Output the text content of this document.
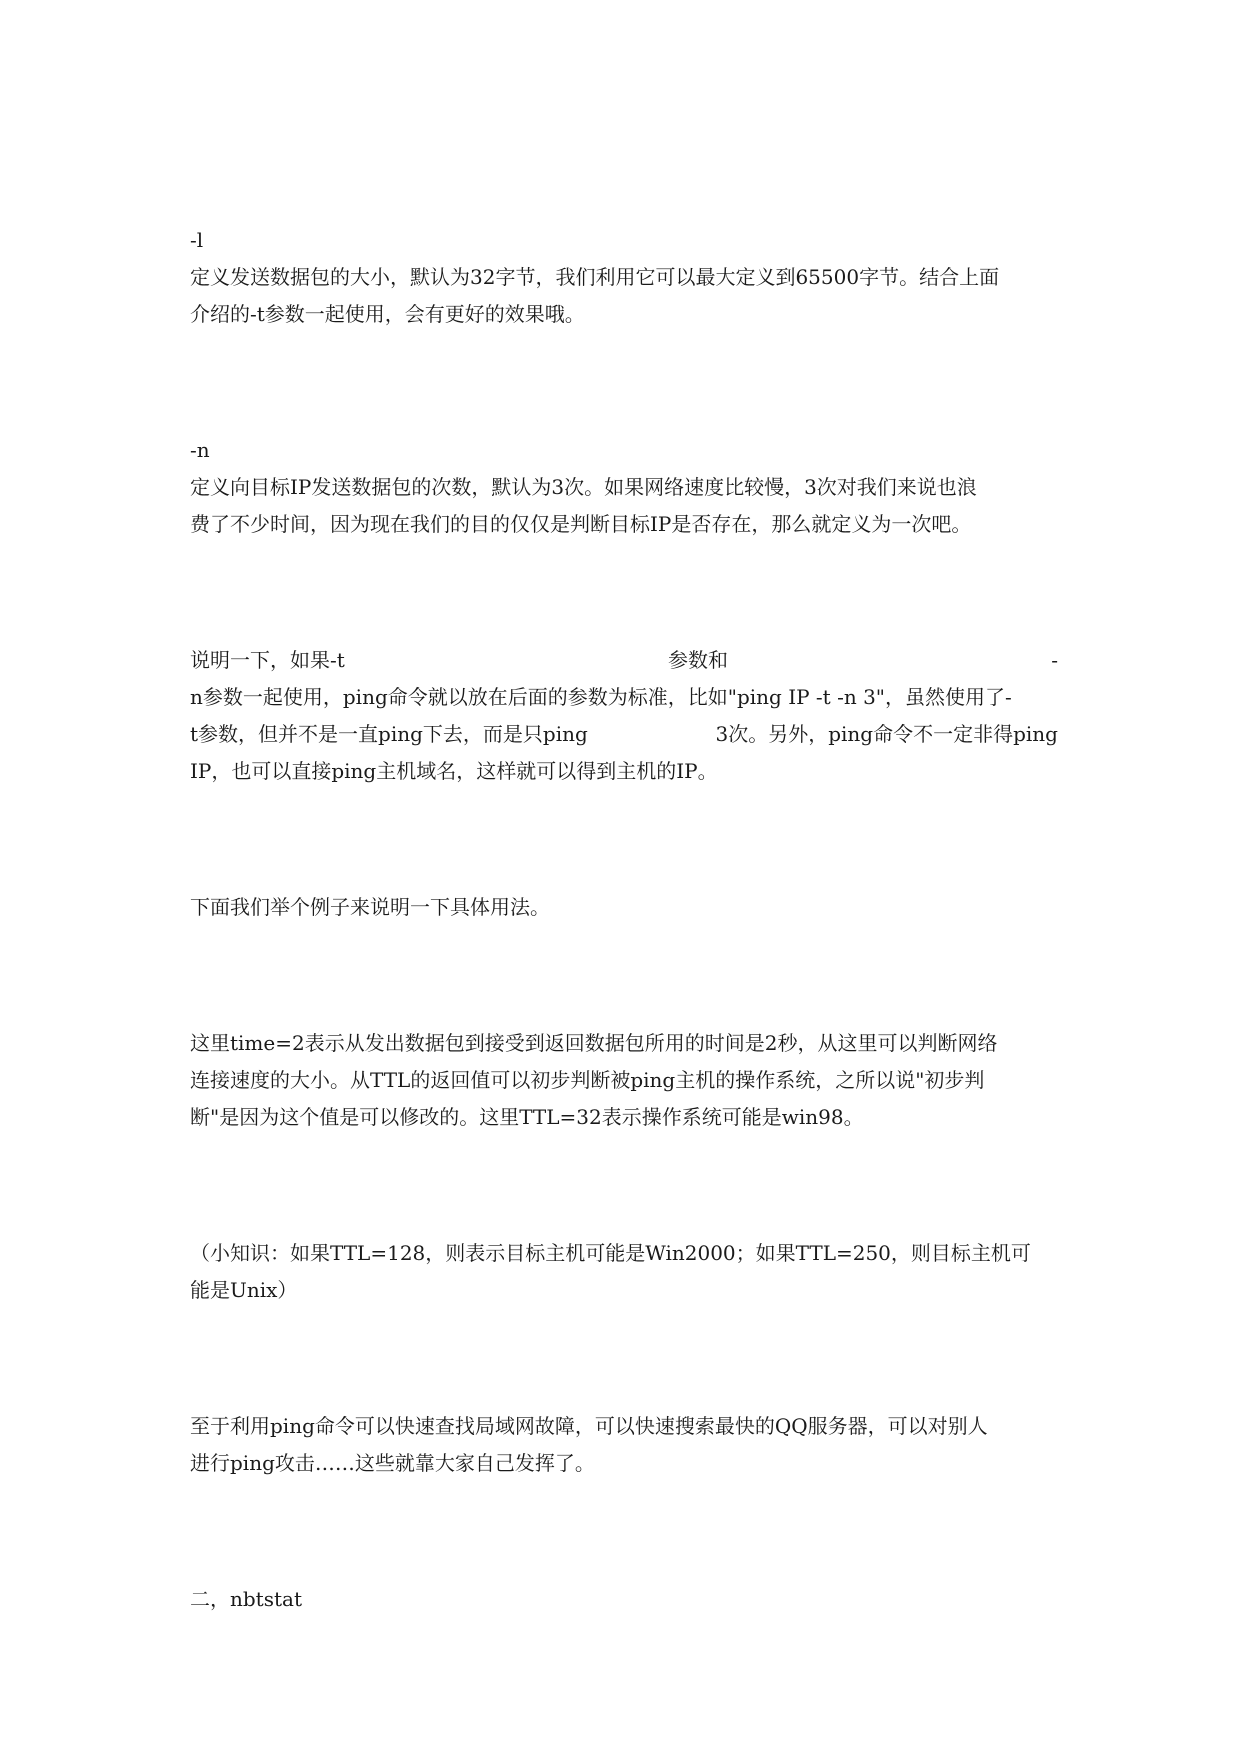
-l
定义发送数据包的大小，默认为32字节，我们利用它可以最大定义到65500字节。结合上面
介绍的-t参数一起使用，会有更好的效果哦。
-n
定义向目标IP发送数据包的次数，默认为3次。如果网络速度比较慢，3次对我们来说也浪
费了不少时间，因为现在我们的目的仅仅是判断目标IP是否存在，那么就定义为一次吧。
说明一下，如果-t	参数和	-
n参数一起使用，ping命令就以放在后面的参数为标准，比如"ping IP -t -n 3"，虽然使用了-
t参数，但并不是一直ping下去，而是只ping	3次。另外，ping命令不一定非得ping
IP，也可以直接ping主机域名，这样就可以得到主机的IP。
下面我们举个例子来说明一下具体用法。
这里time=2表示从发出数据包到接受到返回数据包所用的时间是2秒，从这里可以判断网络
连接速度的大小。从TTL的返回值可以初步判断被ping主机的操作系统，之所以说"初步判
断"是因为这个值是可以修改的。这里TTL=32表示操作系统可能是win98。
（小知识：如果TTL=128，则表示目标主机可能是Win2000；如果TTL=250，则目标主机可
能是Unix）
至于利用ping命令可以快速查找局域网故障，可以快速搜索最快的QQ服务器，可以对别人
进行ping攻击……这些就靠大家自己发挥了。
二，nbtstat
